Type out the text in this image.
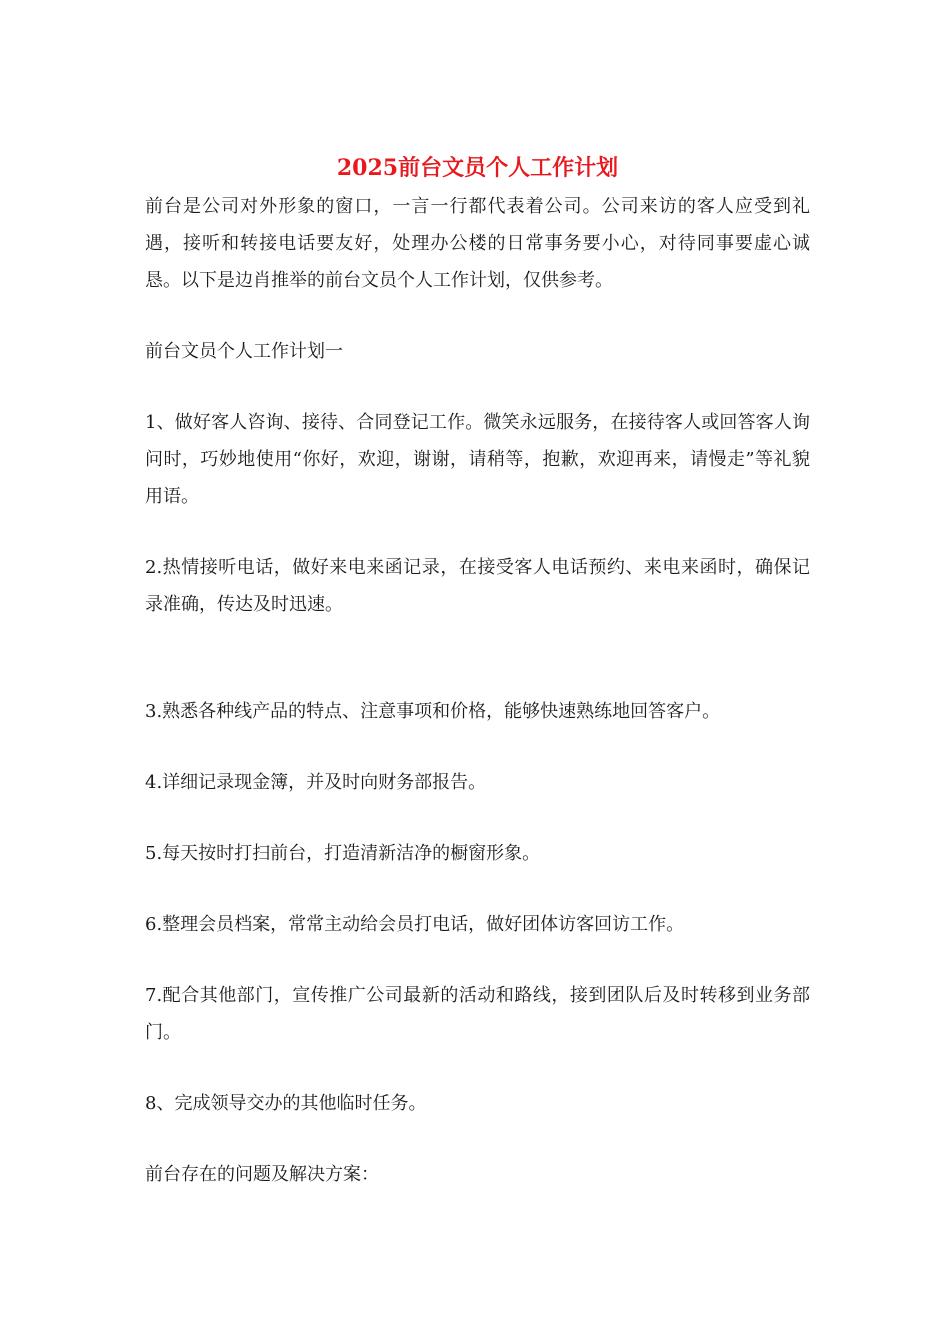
2025前台文员个人工作计划

前台是公司对外形象的窗口，一言一行都代表着公司。公司来访的客人应受到礼遇，接听和转接电话要友好，处理办公楼的日常事务要小心，对待同事要虚心诚恳。以下是边肖推举的前台文员个人工作计划，仅供参考。

前台文员个人工作计划一

1、做好客人咨询、接待、合同登记工作。微笑永远服务，在接待客人或回答客人询问时，巧妙地使用“你好，欢迎，谢谢，请稍等，抱歉，欢迎再来，请慢走”等礼貌用语。

2.热情接听电话，做好来电来函记录，在接受客人电话预约、来电来函时，确保记录准确，传达及时迅速。

3.熟悉各种线产品的特点、注意事项和价格，能够快速熟练地回答客户。

4.详细记录现金簿，并及时向财务部报告。

5.每天按时打扫前台，打造清新洁净的橱窗形象。

6.整理会员档案，常常主动给会员打电话，做好团体访客回访工作。

7.配合其他部门，宣传推广公司最新的活动和路线，接到团队后及时转移到业务部门。

8、完成领导交办的其他临时任务。

前台存在的问题及解决方案：
